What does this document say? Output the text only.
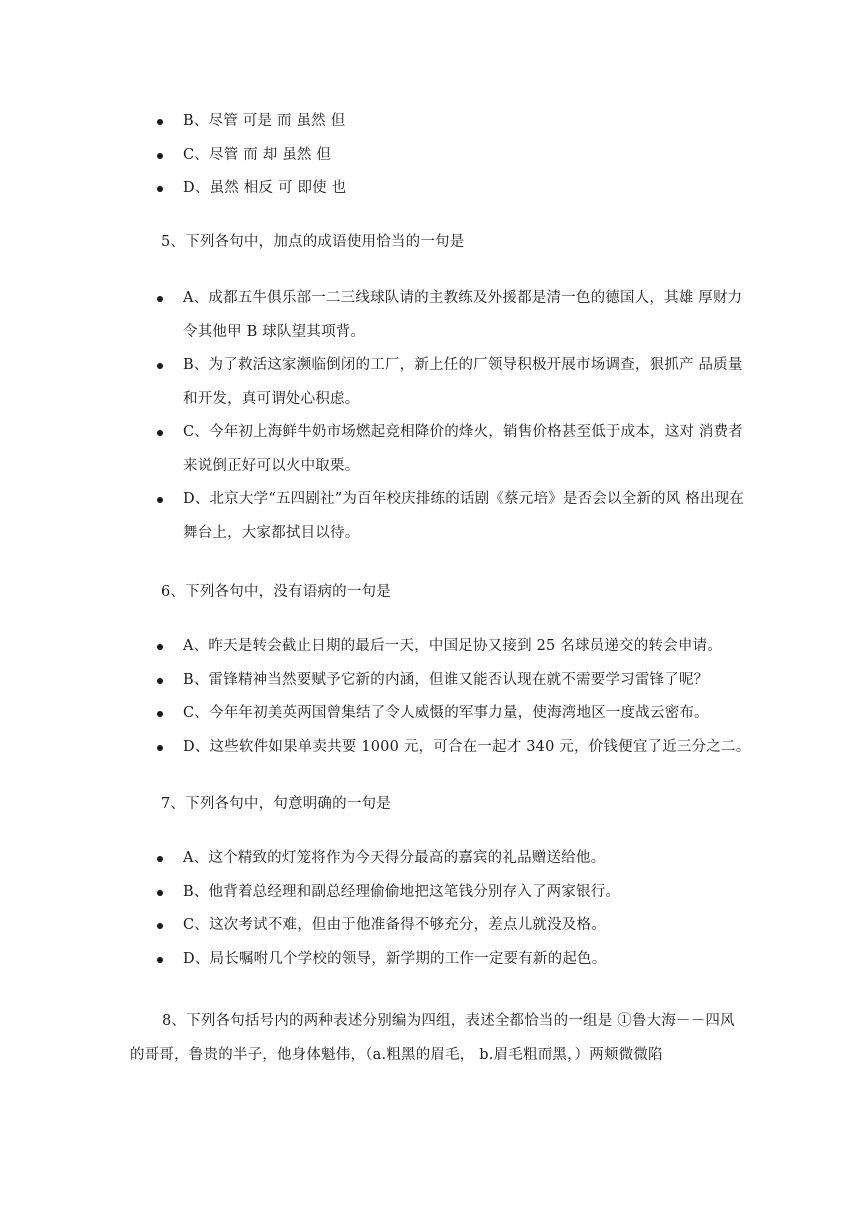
B、尽管 可是 而 虽然 但
C、尽管 而 却 虽然 但
D、虽然 相反 可 即使 也
5、下列各句中，加点的成语使用恰当的一句是
A、成都五牛俱乐部一二三线球队请的主教练及外援都是清一色的德国人，其雄 厚财力令其他甲 B 球队望其项背。
B、为了救活这家濒临倒闭的工厂，新上任的厂领导积极开展市场调查，狠抓产 品质量和开发，真可谓处心积虑。
C、今年初上海鲜牛奶市场燃起竞相降价的烽火，销售价格甚至低于成本，这对 消费者来说倒正好可以火中取栗。
D、北京大学“五四剧社”为百年校庆排练的话剧《蔡元培》是否会以全新的风 格出现在舞台上，大家都拭目以待。
6、下列各句中，没有语病的一句是
A、昨天是转会截止日期的最后一天，中国足协又接到 25 名球员递交的转会申请。
B、雷锋精神当然要赋予它新的内涵，但谁又能否认现在就不需要学习雷锋了呢？
C、今年年初美英两国曾集结了令人威慑的军事力量，使海湾地区一度战云密布。
D、这些软件如果单卖共要 1000 元，可合在一起才 340 元，价钱便宜了近三分之二。
7、下列各句中，句意明确的一句是
A、这个精致的灯笼将作为今天得分最高的嘉宾的礼品赠送给他。
B、他背着总经理和副总经理偷偷地把这笔钱分别存入了两家银行。
C、这次考试不难，但由于他准备得不够充分，差点儿就没及格。
D、局长嘱咐几个学校的领导，新学期的工作一定要有新的起色。
8、下列各句括号内的两种表述分别编为四组，表述全都恰当的一组是 ①鲁大海－－四风的哥哥，鲁贵的半子，他身体魁伟，（a.粗黑的眉毛， b.眉毛粗而黑，）两颊微微陷
